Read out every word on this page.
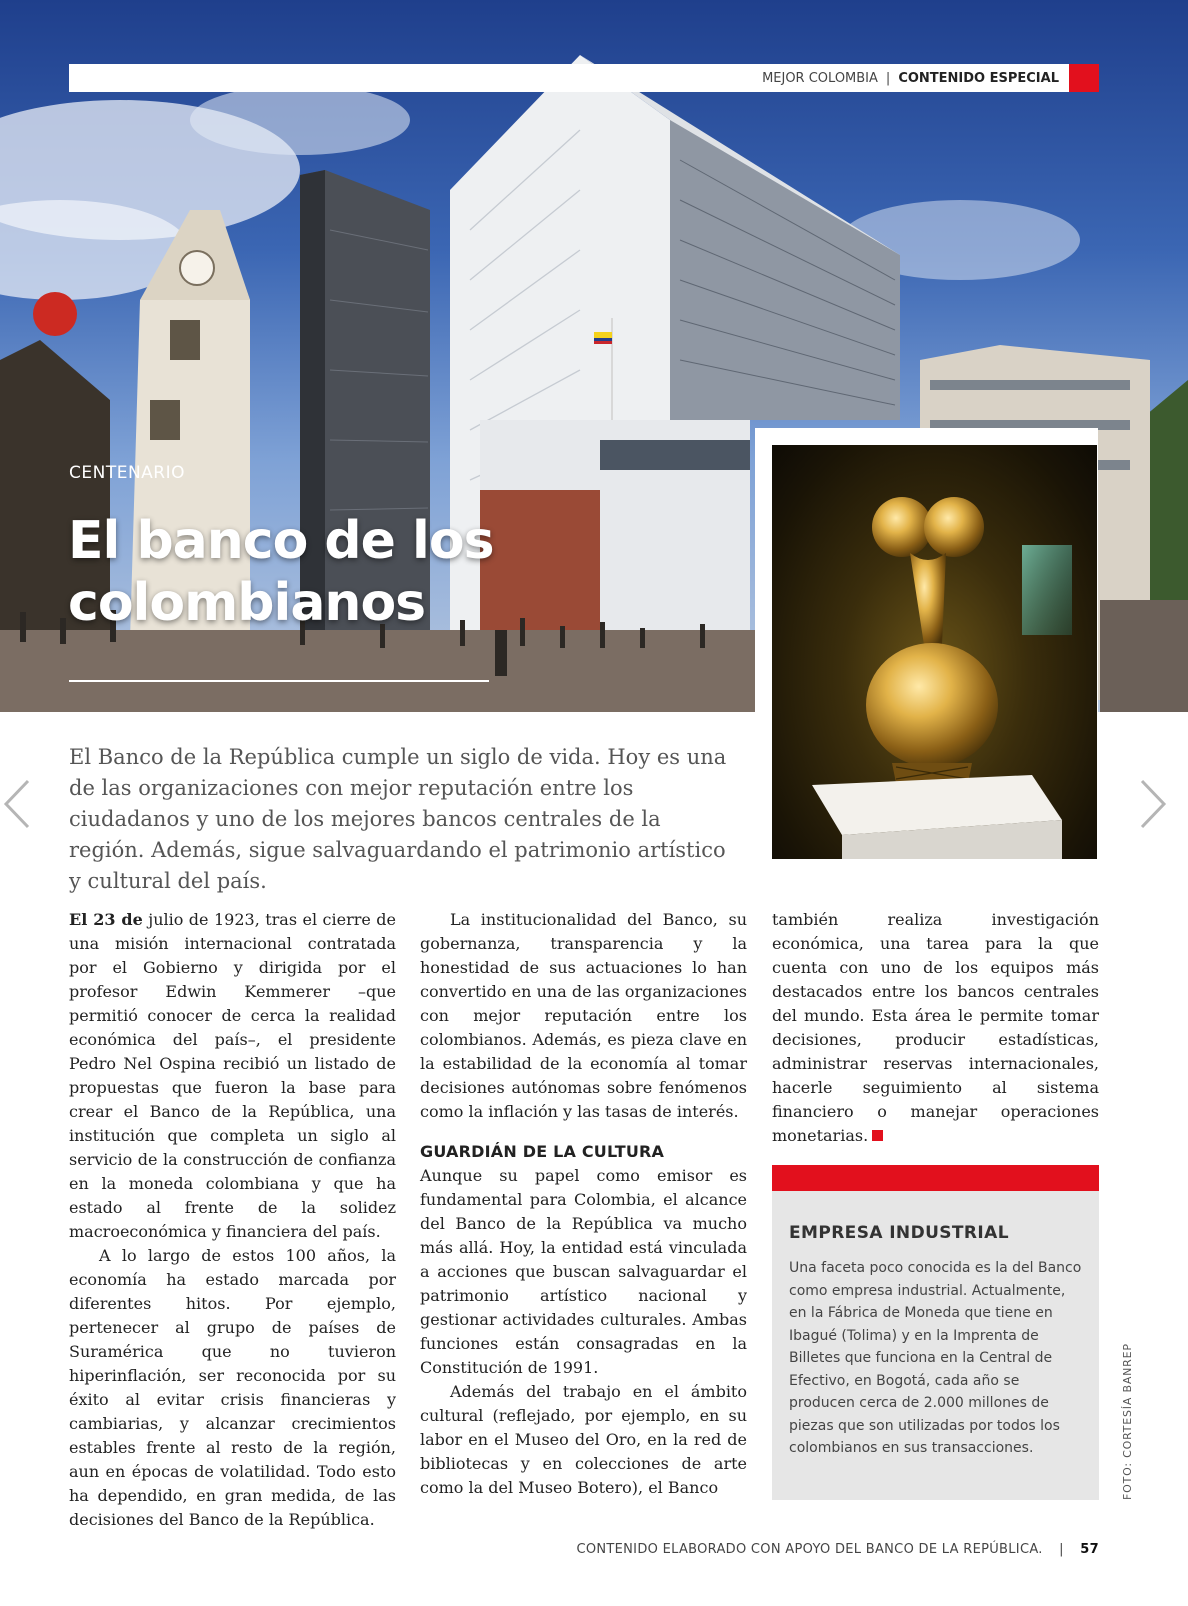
MEJOR COLOMBIA | CONTENIDO ESPECIAL
CENTENARIO
El banco de los colombianos

El Banco de la República cumple un siglo de vida. Hoy es una de las organizaciones con mejor reputación entre los ciudadanos y uno de los mejores bancos centrales de la región. Además, sigue salvaguardando el patrimonio artístico y cultural del país.

El 23 de julio de 1923, tras el cierre de una misión internacional contratada por el Gobierno y dirigida por el profesor Edwin Kemmerer –que permitió conocer de cerca la realidad económica del país–, el presidente Pedro Nel Ospina recibió un listado de propuestas que fueron la base para crear el Banco de la República, una institución que completa un siglo al servicio de la construcción de confianza en la moneda colombiana y que ha estado al frente de la solidez macroeconómica y financiera del país.

A lo largo de estos 100 años, la economía ha estado marcada por diferentes hitos. Por ejemplo, pertenecer al grupo de países de Suramérica que no tuvieron hiperinflación, ser reconocida por su éxito al evitar crisis financieras y cambiarias, y alcanzar crecimientos estables frente al resto de la región, aun en épocas de volatilidad. Todo esto ha dependido, en gran medida, de las decisiones del Banco de la República.

La institucionalidad del Banco, su gobernanza, transparencia y la honestidad de sus actuaciones lo han convertido en una de las organizaciones con mejor reputación entre los colombianos. Además, es pieza clave en la estabilidad de la economía al tomar decisiones autónomas sobre fenómenos como la inflación y las tasas de interés.

GUARDIÁN DE LA CULTURA

Aunque su papel como emisor es fundamental para Colombia, el alcance del Banco de la República va mucho más allá. Hoy, la entidad está vinculada a acciones que buscan salvaguardar el patrimonio artístico nacional y gestionar actividades culturales. Ambas funciones están consagradas en la Constitución de 1991.

Además del trabajo en el ámbito cultural (reflejado, por ejemplo, en su labor en el Museo del Oro, en la red de bibliotecas y en colecciones de arte como la del Museo Botero), el Banco

también realiza investigación económica, una tarea para la que cuenta con uno de los equipos más destacados entre los bancos centrales del mundo. Esta área le permite tomar decisiones, producir estadísticas, administrar reservas internacionales, hacerle seguimiento al sistema financiero o manejar operaciones monetarias.

EMPRESA INDUSTRIAL

Una faceta poco conocida es la del Banco como empresa industrial. Actualmente, en la Fábrica de Moneda que tiene en Ibagué (Tolima) y en la Imprenta de Billetes que funciona en la Central de Efectivo, en Bogotá, cada año se producen cerca de 2.000 millones de piezas que son utilizadas por todos los colombianos en sus transacciones.	FOTO: CORTESÍA BANREP
CONTENIDO ELABORADO CON APOYO DEL BANCO DE LA REPÚBLICA. | 57
